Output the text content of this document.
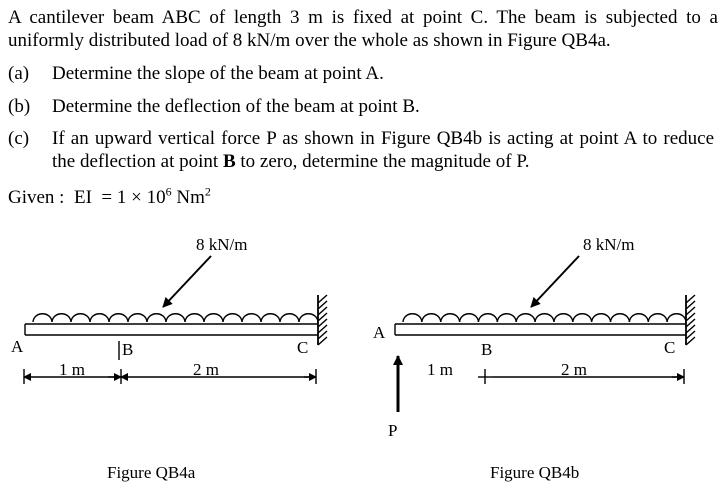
A cantilever beam ABC of length 3 m is fixed at point C. The beam is subjected to a
uniformly distributed load of 8 kN/m over the whole as shown in Figure QB4a.
(a) Determine the slope of the beam at point A.
(b) Determine the deflection of the beam at point B.
(c) If an upward vertical force P as shown in Figure QB4b is acting at point A to reduce
the deflection at point B to zero, determine the magnitude of P.
Given : EI = $1 \times 10^6$ Nm$^2$
8 kN/m
A	B	C
1 m	2 m
Figure QB4a
8 kN/m
A
B	C
1 m	2 m
P
Figure QB4b
